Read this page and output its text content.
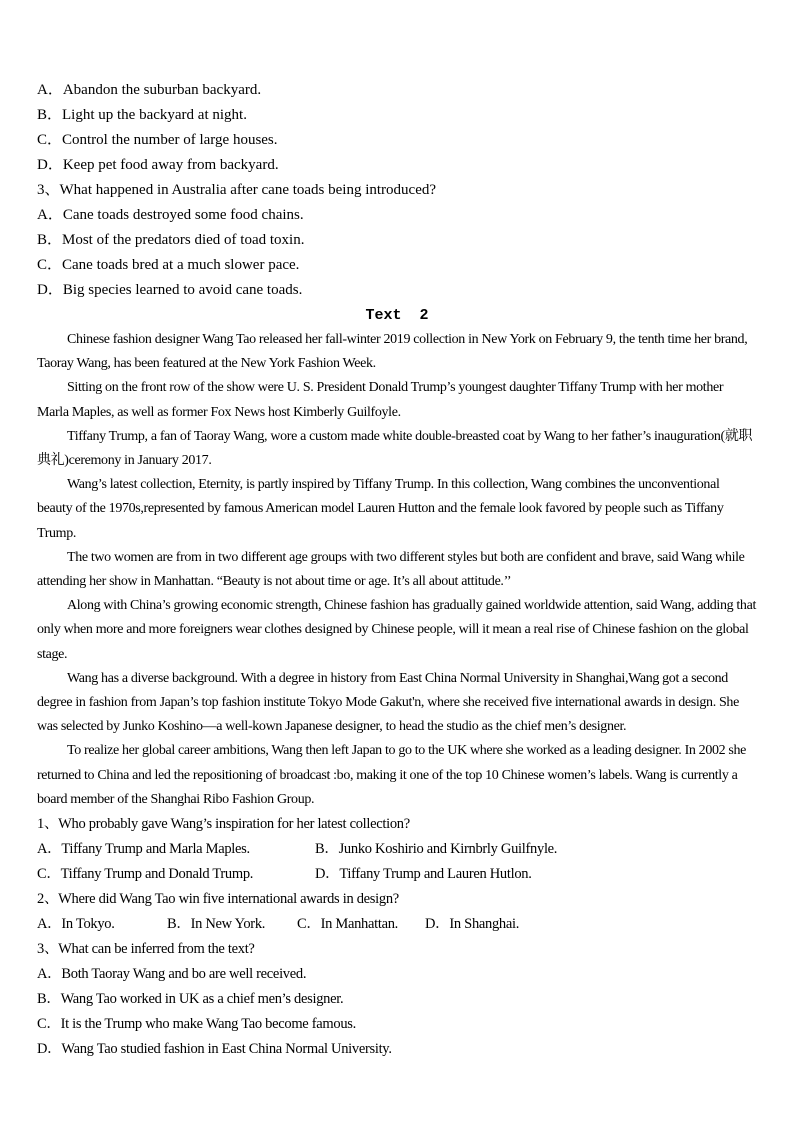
A．Abandon the suburban backyard.
B．Light up the backyard at night.
C．Control the number of large houses.
D．Keep pet food away from backyard.
3、What happened in Australia after cane toads being introduced?
A．Cane toads destroyed some food chains.
B．Most of the predators died of toad toxin.
C．Cane toads bred at a much slower pace.
D．Big species learned to avoid cane toads.
Text  2

Chinese fashion designer Wang Tao released her fall-winter 2019 collection in New York on February 9, the tenth time her brand, Taoray Wang, has been featured at the New York Fashion Week.

Sitting on the front row of the show were U. S. President Donald Trump’s youngest daughter Tiffany Trump with her mother Marla Maples, as well as former Fox News host Kimberly Guilfoyle.

Tiffany Trump, a fan of Taoray Wang, wore a custom made white double-breasted coat by Wang to her father’s inauguration(就职典礼)ceremony in January 2017.

Wang’s latest collection, Eternity, is partly inspired by Tiffany Trump. In this collection, Wang combines the unconventional beauty of the 1970s,represented by famous American model Lauren Hutton and the female look favored by people such as Tiffany Trump.

The two women are from in two different age groups with two different styles but both are confident and brave, said Wang while attending her show in Manhattan. “Beauty is not about time or age. It’s all about attitude.’’

Along with China’s growing economic strength, Chinese fashion has gradually gained worldwide attention, said Wang, adding that only when more and more foreigners wear clothes designed by Chinese people, will it mean a real rise of Chinese fashion on the global stage.

Wang has a diverse background. With a degree in history from East China Normal University in Shanghai,Wang got a second degree in fashion from Japan’s top fashion institute Tokyo Mode Gakut'n, where she received five international awards in design. She was selected by Junko Koshino—a well-kown Japanese designer, to head the studio as the chief men’s designer.

To realize her global career ambitions, Wang then left Japan to go to the UK where she worked as a leading designer. In 2002 she returned to China and led the repositioning of broadcast :bo, making it one of the top 10 Chinese women’s labels. Wang is currently a board member of the Shanghai Ribo Fashion Group.

1、Who probably gave Wang’s inspiration for her latest collection?
A．Tiffany Trump and Marla Maples.	B．Junko Koshirio and Kirnbrly Guilfnyle.
C．Tiffany Trump and Donald Trump.	D．Tiffany Trump and Lauren Hutlon.
2、Where did Wang Tao win five international awards in design?
A．In Tokyo.	B．In New York.	C．In Manhattan.	D．In Shanghai.
3、What can be inferred from the text?
A．Both Taoray Wang and bo are well received.
B．Wang Tao worked in UK as a chief men’s designer.
C．It is the Trump who make Wang Tao become famous.
D．Wang Tao studied fashion in East China Normal University.
